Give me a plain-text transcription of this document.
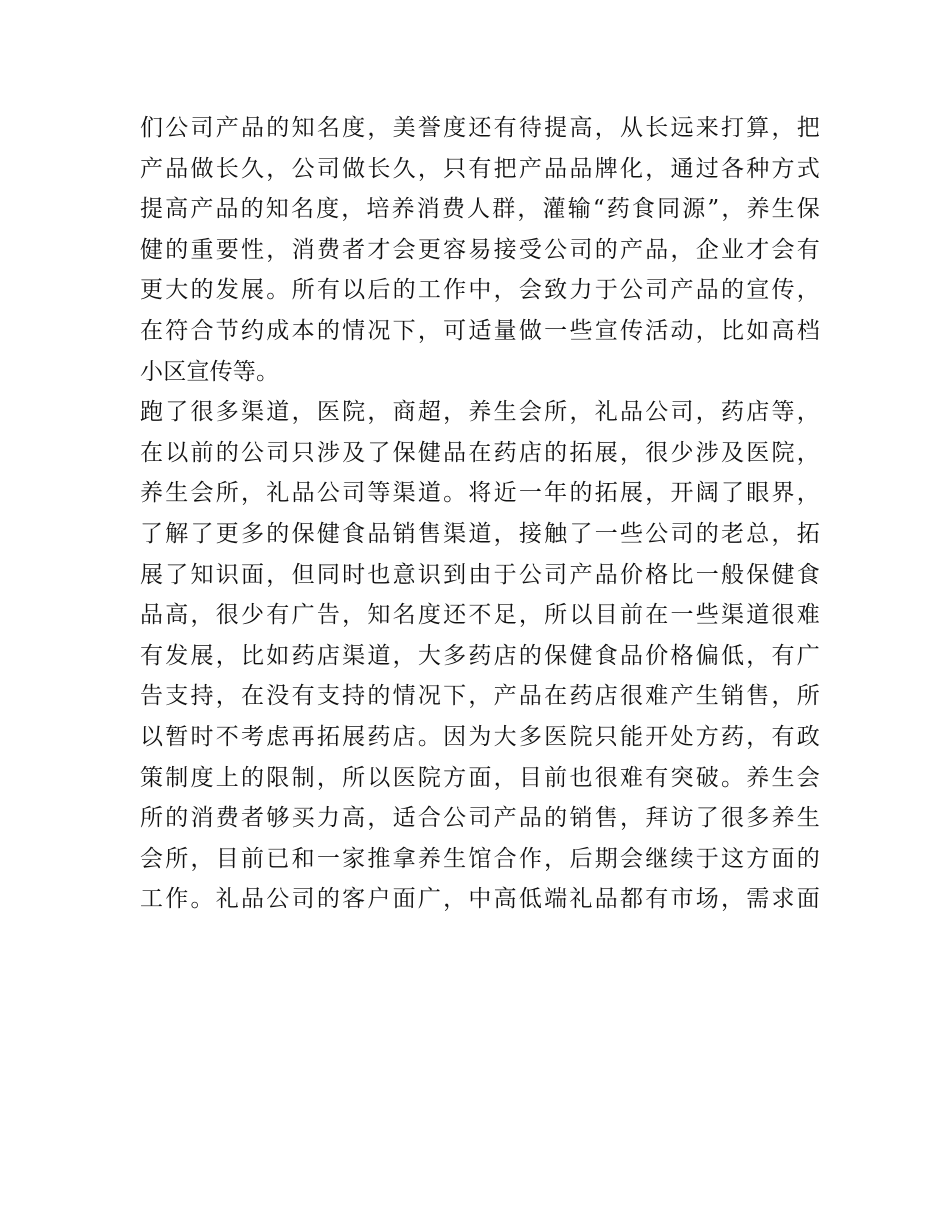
们公司产品的知名度，美誉度还有待提高，从长远来打算，把
产品做长久，公司做长久，只有把产品品牌化，通过各种方式
提高产品的知名度，培养消费人群，灌输“药食同源”，养生保
健的重要性，消费者才会更容易接受公司的产品，企业才会有
更大的发展。所有以后的工作中，会致力于公司产品的宣传，
在符合节约成本的情况下，可适量做一些宣传活动，比如高档
小区宣传等。
跑了很多渠道，医院，商超，养生会所，礼品公司，药店等，
在以前的公司只涉及了保健品在药店的拓展，很少涉及医院，
养生会所，礼品公司等渠道。将近一年的拓展，开阔了眼界，
了解了更多的保健食品销售渠道，接触了一些公司的老总，拓
展了知识面，但同时也意识到由于公司产品价格比一般保健食
品高，很少有广告，知名度还不足，所以目前在一些渠道很难
有发展，比如药店渠道，大多药店的保健食品价格偏低，有广
告支持，在没有支持的情况下，产品在药店很难产生销售，所
以暂时不考虑再拓展药店。因为大多医院只能开处方药，有政
策制度上的限制，所以医院方面，目前也很难有突破。养生会
所的消费者够买力高，适合公司产品的销售，拜访了很多养生
会所，目前已和一家推拿养生馆合作，后期会继续于这方面的
工作。礼品公司的客户面广，中高低端礼品都有市场，需求面
